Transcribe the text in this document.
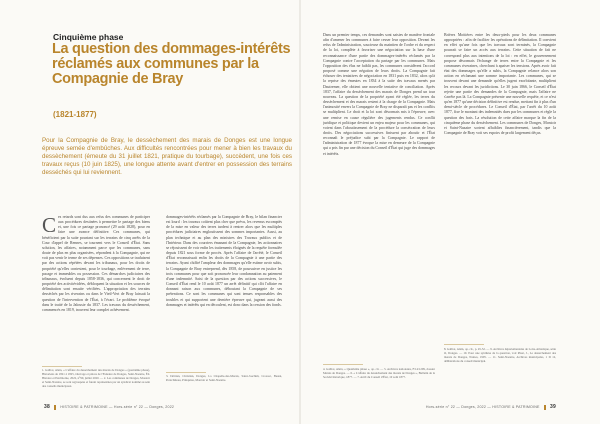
Cinquième phase
La question des dommages-intérêts réclamés aux communes par la Compagnie de Bray
(1821-1877)
Pour la Compagnie de Bray, le dessèchement des marais de Donges est une longue épreuve semée d'embûches. Aux difficultés rencontrées pour mener à bien les travaux du dessèchement (émeute du 31 juillet 1821, pratique du tourbage), succèdent, une fois ces travaux reçus (10 juin 1825), une longue attente avant d'entrer en possession des terrains desséchés qui lui reviennent.
C es retards sont dus aux refus des communes de participer aux procédures destinées à permettre le partage des biens et, une fois ce partage prononcé (29 août 1828), pour en faire une avance définitive. Ces communes, qui bénéficient par la suite pourtant sur les terrains de cinq arrêts de la Cour d'appel de Rennes, se tournent vers le Conseil d'État. Sans solution, les affaires, notamment parce que les communes, sans doute de plus en plus organisées, répondent à la Compagnie, qui ne voit pas venir le terme de ses dépenses. Ces oppositions se traduisent par des actions répétées devant les tribunaux, pour les droits de propriété qu'elles contestent, pour le tourbage, enlèvement de terre, pacage et immeubles ou possession. Ces démarches judiciaires des tribunaux, évoluent depuis 1858-1836, qui concernent le droit de propriété des activitévidées, débloquent la situation et les sources de délimitation sont ensuite vérifiées. L'appropriation des terrains desséchés par les riverains ou dans le Vieil-Vert de Bray laissait la question de l'intervention de l'État, à l'écart. Le problème évoqué dans le traité de la Jalousie du 1837. Les travaux du dessèchement, commencés en 1819, trouvent leur complet achèvement.
dommages-intérêts réclamés par la Compagnie de Bray, le bilan financier est lourd : les travaux coûtent plus cher que prévu, les revenus escomptés de la mise en valeur des terres tardent à rentrer alors que les multiples procédures judiciaires engloutissent des sommes importantes. Aussi, au plan technique et au plan des ministres des Travaux publics et de l'Intérieur. Dans des courriers émanant de la Compagnie, les actionnaires se réjouissent de voir enfin les traitements éloignés de la requête formulée depuis 1821 sous forme de procès. Après l'affaire de l'arrêté, le Conseil d'État reconnaissait enfin les droits de la Compagnie à une partie des terrains. Ayant chiffré l'ampleur des dommages qu'elle estime avoir subis, la Compagnie de Bray entreprend, dès 1858, de poursuivre en justice les trois communes pour que soit prononcée leur condamnation au paiement d'une indemnité. Saisi de la question par des actions successives, le Conseil d'État rend le 10 août 1877 un arrêt définitif qui clôt l'affaire en donnant raison aux communes, déboutant la Compagnie de ses prétentions. Ce sont les communes qui sont tenues responsables des troubles et qui supportent une dernière épreuve qui, jugeant aussi des dommages et intérêts qui en découlent, est donc dans la cession des fonds.
1. Galliot, Alain, « L'affaire du dessèchement des marais de Donges » (quatrième phase), Historiens de 1821 à 1825, Ouvrage et pièces de l'Estuaire de Donges, Saint-Nazaire, Éd. Histoire et Patrimoine, 2022, n°99, juillet 2020. — 2. Les communes de Donges, Montoir et Saint-Nazaire, se sont regroupées et furent représentées par un syndicat nommé au sein des conseils municipaux.
3. Dérrien, Christian, Donges, La Chapelle-des-Marais, Saint-Joachim, Crossac, Besné, Pontchâteau, Prinquiau, Montoir et Saint-Nazaire.
38	HISTOIRE & PATRIMOINE — Hors-série n° 22 — Donges, 2022
Dans un premier temps, ces demandes sont saisies de manière frontale afin d'amener les communes à faire cesser leur opposition. Devant les refus de l'administration, soucieuse du maintien de l'ordre et du respect de la loi, complète à favoriser une négociation sur la base d'une reconnaissance d'une partie des dommages-intérêts réclamés par la Compagnie contre l'acceptation du partage par les communes. Mais l'opposition des élus ne faiblit pas, les communes considèrent l'accord proposé comme une négation de leurs droits. La Compagnie fait échouer des tentatives de négociation en 1831 puis en 1832, alors qu'à la reprise des émeutes en 1834 à la suite des travaux menés par Dautremer, elle obtient une nouvelle tentative de conciliation. Après 1837, l'affaire du dessèchement des marais de Donges prend un tour nouveau. La question de la propriété ayant été réglée, les terres du dessèchement et des marais restent à la charge de la Compagnie. Mais l'animosité envers la Compagnie de Bray ne disparaît pas et les conflits se multiplient. Le droit et la loi sont désormais mis à l'épreuve, avec une remise en cause régulière des jugements rendus. Ce conflit juridique et politique devient un enjeu majeur pour les communes, qui voient dans l'aboutissement de la procédure la consécration de leurs droits. Des négociations successives finissent par aboutir et l'État reconnaît le préjudice subi par la Compagnie. Le rapport de l'administration de 1877 évoque la mise en demeure de la Compagnie qui a pris fin par une décision du Conseil d'État qui juge des dommages et intérêts.
Brières Mottières entre les deux-pieds pour les deux communes appropriées : afin de faciliter les opérations de délimitation. Il convient en effet qu'une fois que les travaux sont terminés, la Compagnie pourrait se faire un accès aux terrains. Cette situation de fait ne correspond plus aux intentions de la loi : en effet, le gouvernement propose désormais l'échange de terres entre la Compagnie et les communes riveraines, cherchant à apaiser les tensions. Après avoir fait état des dommages qu'elle a subis, la Compagnie relance alors son action en réclamant une somme importante. Les communes, qui se trouvent devant une demande qu'elles jugent exorbitante, multiplient les recours devant les juridictions. Le 30 juin 1866, le Conseil d'État rejette une partie des demandes de la Compagnie, mais l'affaire ne s'arrête pas là. La Compagnie présente une nouvelle requête, et ce n'est qu'en 1877 qu'une décision définitive est rendue, mettant fin à plus d'un demi-siècle de procédures. Le Conseil d'État, par l'arrêt du 10 août 1877, fixe le montant des indemnités dues par les communes et règle la question des frais. La résolution de cette affaire marque la fin de la cinquième phase du dessèchement. Les communes de Donges, Montoir et Saint-Nazaire sortent affaiblies financièrement, tandis que la Compagnie de Bray voit ses espoirs de profit largement déçus.
4. Galliot, Alain, « Quatrième phase », op. cit. — 5. Archives nationales, F/14/1209, dossier Marais de Donges. — 6. « L'affaire du dessèchement des marais de Donges », Bulletin de la Société historique, 1877. — 7. Arrêt du Conseil d'État, 10 août 1877.
8. Galliot, Alain, op. cit., p. 45-52. — 9. Archives départementales de Loire-Atlantique, série O, Donges. — 10. Pour une synthèse de la question, voir Pinet, J., Le dessèchement des marais de Donges, Nantes, 1905. — 11. Saint-Nazaire, Archives municipales, 1 D 12, délibérations du conseil municipal.
Hors-série n° 22 — Donges, 2022 — HISTOIRE & PATRIMOINE 39
